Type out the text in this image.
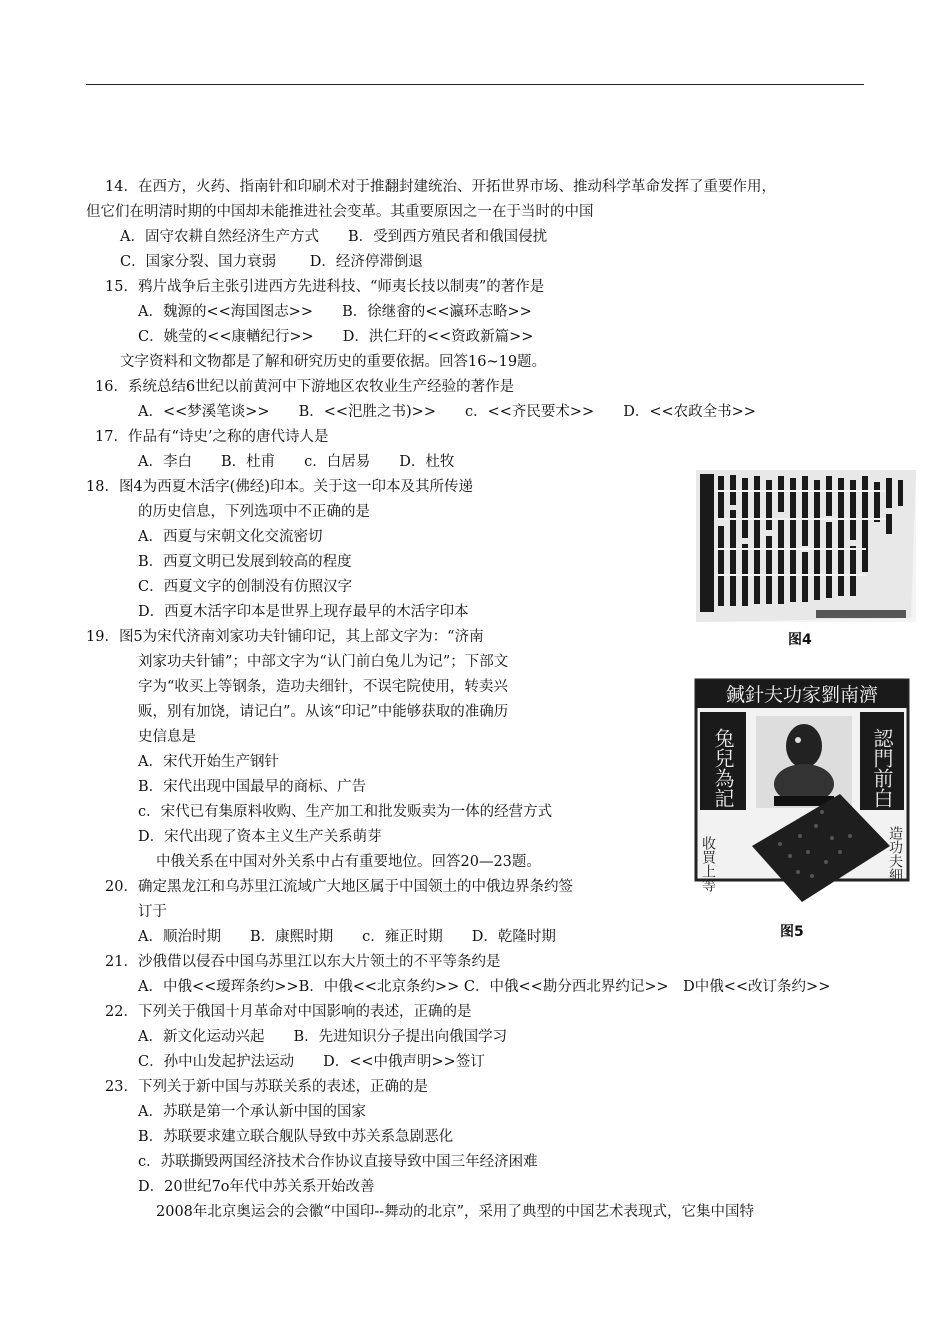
14．在西方，火药、指南针和印刷术对于推翻封建统治、开拓世界市场、推动科学革命发挥了重要作用，
但它们在明清时期的中国却未能推进社会变革。其重要原因之一在于当时的中国
A．固守农耕自然经济生产方式　　B．受到西方殖民者和俄国侵扰
C．国家分裂、国力衰弱　　 D．经济停滞倒退
15．鸦片战争后主张引进西方先进科技、“师夷长技以制夷”的著作是
A．魏源的<<海国图志>>　　B．徐继畲的<<瀛环志略>>
C．姚莹的<<康輶纪行>>　　D．洪仁玕的<<资政新篇>>
文字资料和文物都是了解和研究历史的重要依据。回答16~19题。
16．系统总结6世纪以前黄河中下游地区农牧业生产经验的著作是
A．<<梦溪笔谈>>　　B．<<汜胜之书)>>　　c．<<齐民要术>>　　D．<<农政全书>>
17．作品有“诗史’之称的唐代诗人是
A．李白　　B．杜甫　　c．白居易　　D．杜牧
18．图4为西夏木活字(佛经)印本。关于这一印本及其所传递
的历史信息，下列选项中不正确的是
A．西夏与宋朝文化交流密切
B．西夏文明已发展到较高的程度
C．西夏文字的创制没有仿照汉字
D．西夏木活字印本是世界上现存最早的木活字印本
19．图5为宋代济南刘家功夫针铺印记，其上部文字为：“济南
刘家功夫针铺”；中部文字为“认门前白兔儿为记”；下部文
字为“收买上等钢条，造功夫细针，不误宅院使用，转卖兴
贩，别有加饶，请记白”。从该“印记”中能够获取的准确历
史信息是
A．宋代开始生产钢针
B．宋代出现中国最早的商标、广告
c．宋代已有集原料收购、生产加工和批发贩卖为一体的经营方式
D．宋代出现了资本主义生产关系萌芽
中俄关系在中国对外关系中占有重要地位。回答20—23题。
20．确定黑龙江和乌苏里江流域广大地区属于中国领土的中俄边界条约签
订于
A．顺治时期　　B．康熙时期　　c．雍正时期　　D．乾隆时期
21．沙俄借以侵吞中国乌苏里江以东大片领土的不平等条约是
A．中俄<<瑷珲条约>>B．中俄<<北京条约>> C．中俄<<勘分西北界约记>>　D中俄<<改订条约>>
22．下列关于俄国十月革命对中国影响的表述，正确的是
A．新文化运动兴起　　B．先进知识分子提出向俄国学习
C．孙中山发起护法运动　　D．<<中俄声明>>签订
23．下列关于新中国与苏联关系的表述，正确的是
A．苏联是第一个承认新中国的国家
B．苏联要求建立联合舰队导致中苏关系急剧恶化
c．苏联撕毁两国经济技术合作协议直接导致中国三年经济困难
D．20世纪7o年代中苏关系开始改善
2008年北京奥运会的会徽“中国印--舞动的北京”，采用了典型的中国艺术表现式，它集中国特
图4
鍼針夫功家劉南濟
兔兒為記	認門前白
收買上等	造功夫細
图5
